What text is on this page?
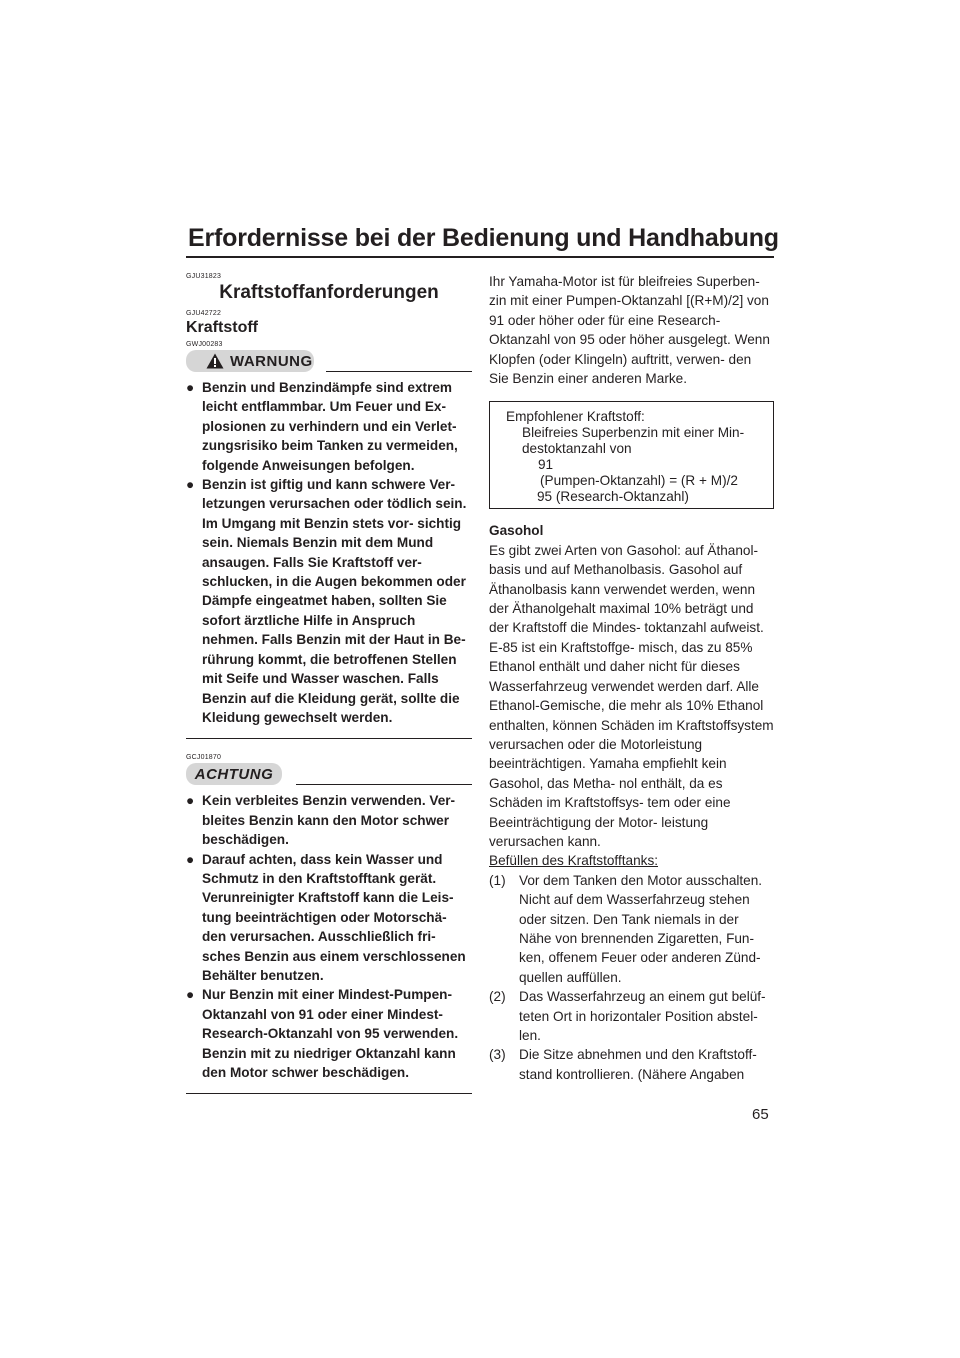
Erfordernisse bei der Bedienung und Handhabung
GJU31823
Kraftstoffanforderungen
GJU42722
Kraftstoff
GWJ00283
WARNUNG
● Benzin und Benzindämpfe sind extrem leicht entflammbar. Um Feuer und Ex- plosionen zu verhindern und ein Verlet- zungsrisiko beim Tanken zu vermeiden, folgende Anweisungen befolgen.
● Benzin ist giftig und kann schwere Ver- letzungen verursachen oder tödlich sein. Im Umgang mit Benzin stets vor- sichtig sein. Niemals Benzin mit dem Mund ansaugen. Falls Sie Kraftstoff ver- schlucken, in die Augen bekommen oder Dämpfe eingeatmet haben, sollten Sie sofort ärztliche Hilfe in Anspruch nehmen. Falls Benzin mit der Haut in Be- rührung kommt, die betroffenen Stellen mit Seife und Wasser waschen. Falls Benzin auf die Kleidung gerät, sollte die Kleidung gewechselt werden.
GCJ01870
ACHTUNG
● Kein verbleites Benzin verwenden. Ver- bleites Benzin kann den Motor schwer beschädigen.
● Darauf achten, dass kein Wasser und Schmutz in den Kraftstofftank gerät. Verunreinigter Kraftstoff kann die Leis- tung beeinträchtigen oder Motorschä- den verursachen. Ausschließlich fri- sches Benzin aus einem verschlossenen Behälter benutzen.
● Nur Benzin mit einer Mindest-Pumpen- Oktanzahl von 91 oder einer Mindest- Research-Oktanzahl von 95 verwenden. Benzin mit zu niedriger Oktanzahl kann den Motor schwer beschädigen.

Ihr Yamaha-Motor ist für bleifreies Superben- zin mit einer Pumpen-Oktanzahl [(R+M)/2] von 91 oder höher oder für eine Research- Oktanzahl von 95 oder höher ausgelegt. Wenn Klopfen (oder Klingeln) auftritt, verwen- den Sie Benzin einer anderen Marke.

Empfohlener Kraftstoff:
Bleifreies Superbenzin mit einer Min-
destoktanzahl von
91
(Pumpen-Oktanzahl) = (R + M)/2
95 (Research-Oktanzahl)
Gasohol

Es gibt zwei Arten von Gasohol: auf Äthanol- basis und auf Methanolbasis. Gasohol auf Äthanolbasis kann verwendet werden, wenn der Äthanolgehalt maximal 10% beträgt und der Kraftstoff die Mindes- toktanzahl aufweist. E-85 ist ein Kraftstoffge- misch, das zu 85% Ethanol enthält und daher nicht für dieses Wasserfahrzeug verwendet werden darf. Alle Ethanol-Gemische, die mehr als 10% Ethanol enthalten, können Schäden im Kraftstoffsystem verursachen oder die Motorleistung beeinträchtigen. Yamaha empfiehlt kein Gasohol, das Metha- nol enthält, da es Schäden im Kraftstoffsys- tem oder eine Beeinträchtigung der Motor- leistung verursachen kann.

Befüllen des Kraftstofftanks:
(1) Vor dem Tanken den Motor ausschalten. Nicht auf dem Wasserfahrzeug stehen oder sitzen. Den Tank niemals in der Nähe von brennenden Zigaretten, Fun- ken, offenem Feuer oder anderen Zünd- quellen auffüllen.
(2) Das Wasserfahrzeug an einem gut belüf- teten Ort in horizontaler Position abstel- len.
(3) Die Sitze abnehmen und den Kraftstoff- stand kontrollieren. (Nähere Angaben
65
